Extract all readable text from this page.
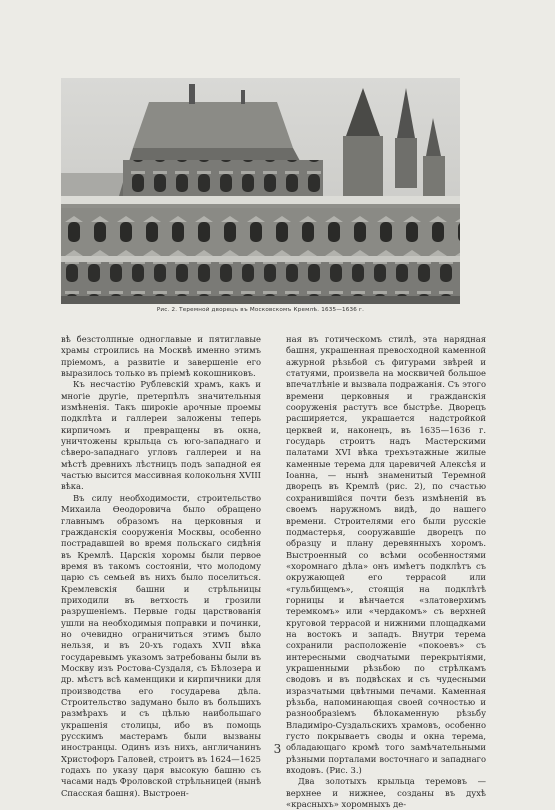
Рис. 2. Теремной дворецъ въ Московскомъ Кремлѣ. 1635—1636 г.

вѣ безстолпные одноглавые и пятиглавые храмы строились на Москвѣ именно этимъ пріемомъ, а развитіе и завершеніе его выразилось только въ пріемѣ кокошниковъ.

Къ несчастію Рублевскій храмъ, какъ и многіе другіе, претерпѣлъ значительныя измѣненія. Такъ широкіе арочные проемы подклѣта и галлереи заложены теперь кирпичомъ и превращены въ окна, уничтожены крыльца съ юго-западнаго и сѣверо-западнаго угловъ галлереи и на мѣстѣ древнихъ лѣстницъ подъ западной ея частью высится массивная колокольня XVIII вѣка.

Въ силу необходимости, строительство Михаила Ѳеодоровича было обращено главнымъ образомъ на церковныя и гражданскія сооруженія Москвы, особенно пострадавшей во время польскаго сидѣнія въ Кремлѣ. Царскія хоромы были первое время въ такомъ состояніи, что молодому царю съ семьей въ нихъ было поселиться. Кремлевскія башни и стрѣльницы приходили въ ветхость и грозили разрушеніемъ. Первые годы царствованія ушли на необходимыя поправки и починки, но очевидно ограничиться этимъ было нельзя, и въ 20-хъ годахъ XVII вѣка государевымъ указомъ затребованы были въ Москву изъ Ростова-Суздаля, съ Бѣлозера и др. мѣстъ всѣ каменщики и кирпичники для производства его государева дѣла. Строительство задумано было въ большихъ размѣрахъ и съ цѣлью наибольшаго украшенія столицы, ибо въ помощь русскимъ мастерамъ были вызваны иностранцы. Одинъ изъ нихъ, англичанинъ Христофоръ Галовей, строитъ въ 1624—1625 годахъ по указу царя высокую башню съ часами надъ Фроловской стрѣльницей (нынѣ Спасская башня). Выстроен-

ная въ готическомъ стилѣ, эта нарядная башня, украшенная превосходной каменной ажурной рѣзьбой съ фигурами звѣрей и статуями, произвела на москвичей большое впечатлѣніе и вызвала подражанія. Съ этого времени церковныя и гражданскія сооруженія растутъ все быстрѣе. Дворецъ расширяется, украшается надстройкой церквей и, наконецъ, въ 1635—1636 г. государь строитъ надъ Мастерскими палатами XVI вѣка трехъэтажные жилые каменные терема для царевичей Алексѣя и Іоанна, — нынѣ знаменитый Теремной дворецъ въ Кремлѣ (рис. 2), по счастью сохранившійся почти безъ измѣненій въ своемъ наружномъ видѣ, до нашего времени. Строителями его были русскіе подмастерья, сооружавшіе дворецъ по образцу и плану деревянныхъ хоромъ. Выстроенный со всѣми особенностями «хоромнаго дѣла» онъ имѣетъ подклѣтъ съ окружающей его террасой или «гульбищемъ», стоящія на подклѣтѣ горницы и вѣнчается «златоверхимъ теремкомъ» или «чердакомъ» съ верхней круговой террасой и нижними площадками на востокъ и западъ. Внутри терема сохранили расположеніе «покоевъ» съ интересными сводчатыми перекрытіями, украшенными рѣзьбою по стрѣлкамъ сводовъ и въ подвѣсках и съ чудесными изразчатыми цвѣтными печами. Каменная рѣзьба, напоминающая своей сочностью и разнообразіемъ бѣлокаменную рѣзьбу Владиміро-Суздальскихъ храмовъ, особенно густо покрываетъ своды и окна терема, обладающаго кромѣ того замѣчательными рѣзными порталами восточнаго и западнаго входовъ. (Рис. 3.)

Два золотыхъ крыльца теремовъ — верхнее и нижнее, созданы въ духѣ «красныхъ» хоромныхъ де-

3
